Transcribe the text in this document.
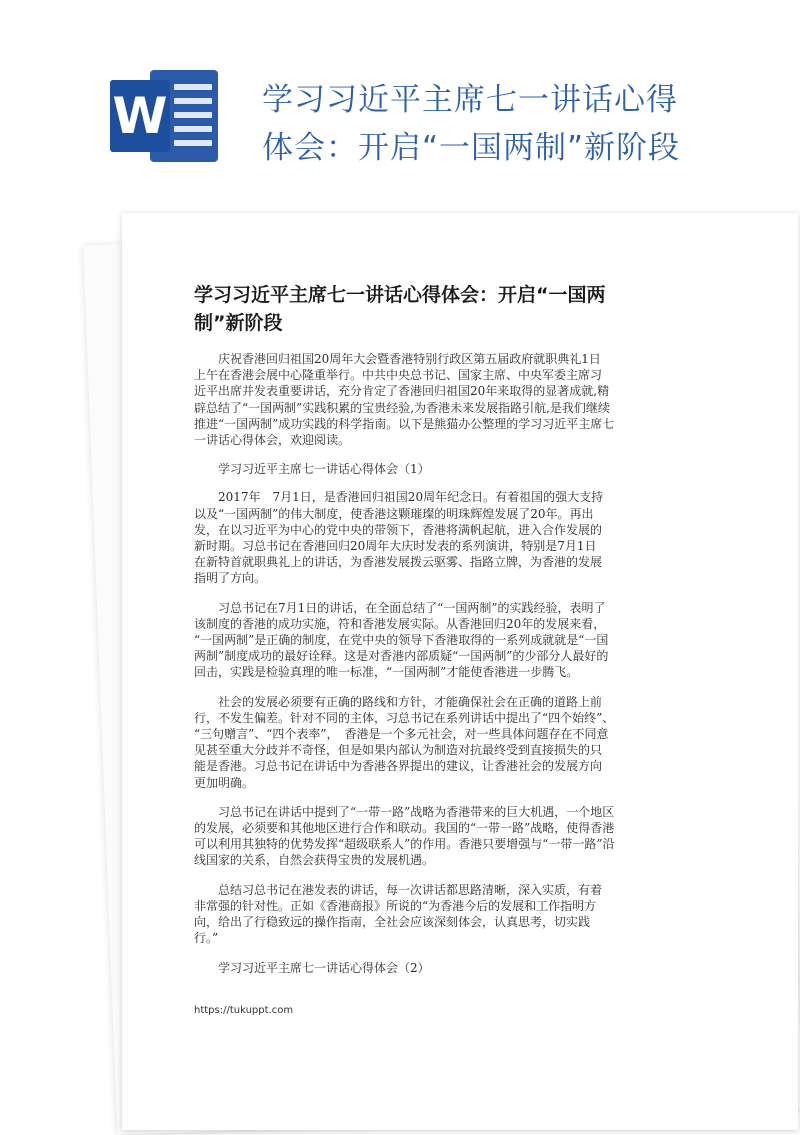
W	学习习近平主席七一讲话心得
体会：开启“一国两制”新阶段
学习习近平主席七一讲话心得体会：开启“一国两
制”新阶段
庆祝香港回归祖国20周年大会暨香港特别行政区第五届政府就职典礼1日
上午在香港会展中心隆重举行。中共中央总书记、国家主席、中央军委主席习
近平出席并发表重要讲话，充分肯定了香港回归祖国20年来取得的显著成就,精
辟总结了“一国两制”实践积累的宝贵经验,为香港未来发展指路引航,是我们继续
推进“一国两制”成功实践的科学指南。以下是熊猫办公整理的学习习近平主席七
一讲话心得体会，欢迎阅读。
学习习近平主席七一讲话心得体会（1）
2017年　7月1日，是香港回归祖国20周年纪念日。有着祖国的强大支持
以及“一国两制”的伟大制度，使香港这颗璀璨的明珠辉煌发展了20年。再出
发，在以习近平为中心的党中央的带领下，香港将满帆起航，进入合作发展的
新时期。习总书记在香港回归20周年大庆时发表的系列演讲，特别是7月1日
在新特首就职典礼上的讲话，为香港发展拨云驱雾、指路立牌，为香港的发展
指明了方向。
习总书记在7月1日的讲话，在全面总结了“一国两制”的实践经验，表明了
该制度的香港的成功实施，符和香港发展实际。从香港回归20年的发展来看，
“一国两制”是正确的制度，在党中央的领导下香港取得的一系列成就就是“一国
两制”制度成功的最好诠释。这是对香港内部质疑“一国两制”的少部分人最好的
回击，实践是检验真理的唯一标准，“一国两制”才能使香港进一步腾飞。
社会的发展必须要有正确的路线和方针，才能确保社会在正确的道路上前
行，不发生偏差。针对不同的主体，习总书记在系列讲话中提出了“四个始终”、
“三句赠言”、“四个表率”，　香港是一个多元社会，对一些具体问题存在不同意
见甚至重大分歧并不奇怪，但是如果内部认为制造对抗最终受到直接损失的只
能是香港。习总书记在讲话中为香港各界提出的建议，让香港社会的发展方向
更加明确。
习总书记在讲话中提到了“一带一路”战略为香港带来的巨大机遇，一个地区
的发展，必须要和其他地区进行合作和联动。我国的“一带一路”战略，使得香港
可以利用其独特的优势发挥“超级联系人”的作用。香港只要增强与“一带一路”沿
线国家的关系，自然会获得宝贵的发展机遇。
总结习总书记在港发表的讲话，每一次讲话都思路清晰，深入实质，有着
非常强的针对性。正如《香港商报》所说的“为香港今后的发展和工作指明方
向，给出了行稳致远的操作指南，全社会应该深刻体会，认真思考，切实践
行。”
学习习近平主席七一讲话心得体会（2）
https://tukuppt.com
